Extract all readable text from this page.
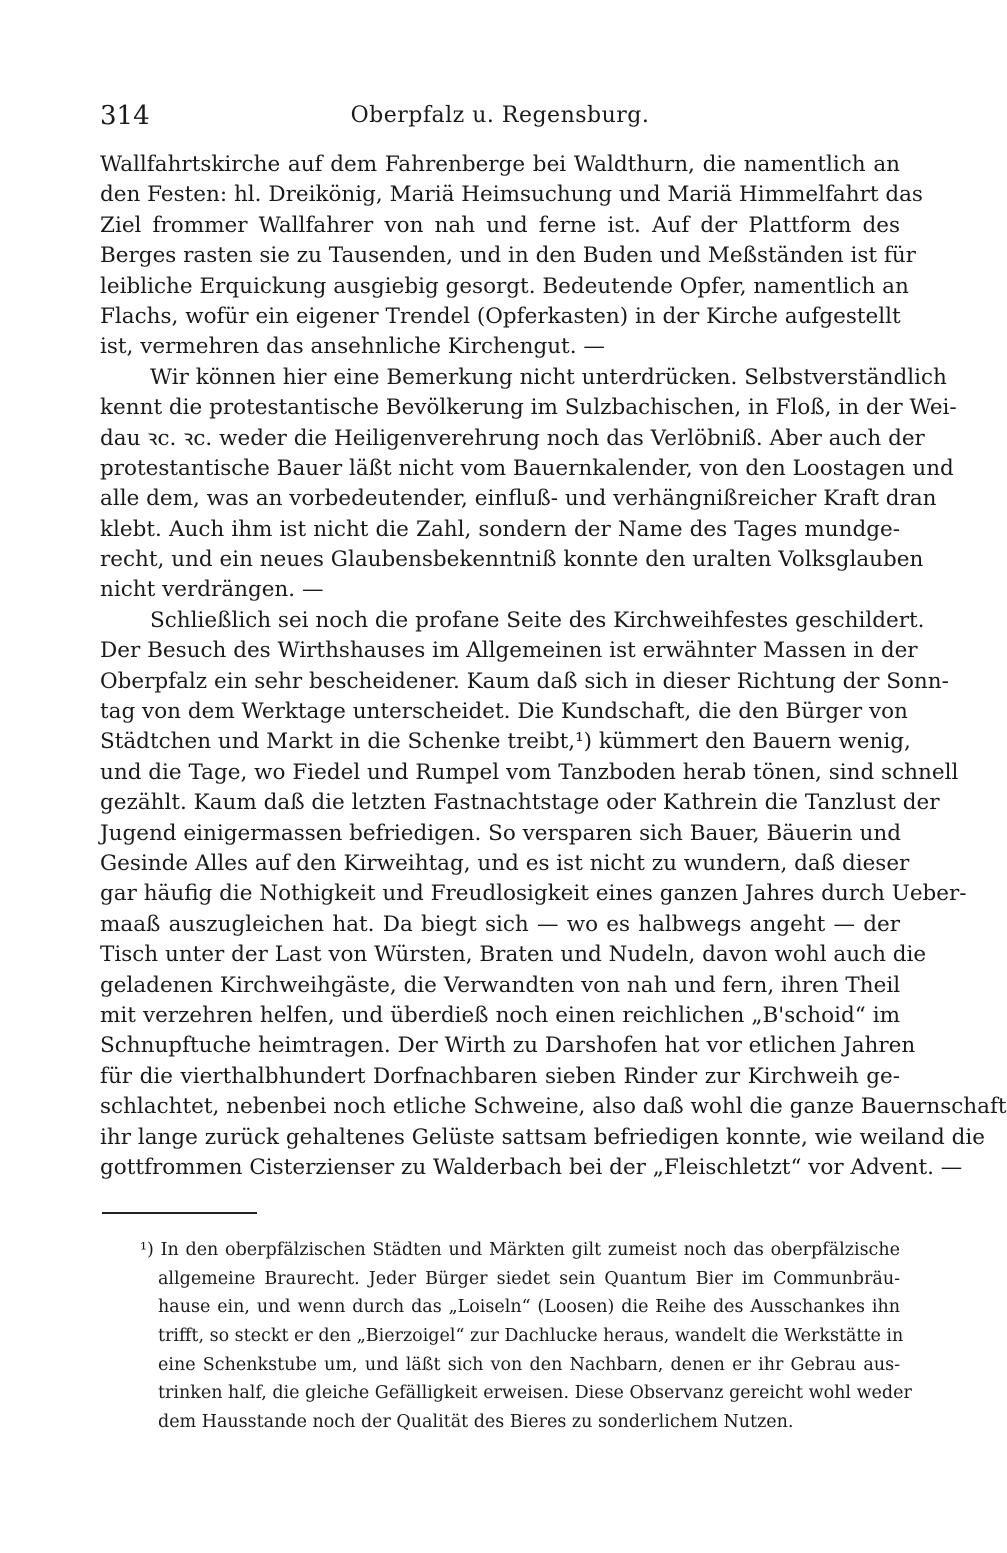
314	Oberpfalz u. Regensburg.
Wallfahrtskirche auf dem Fahrenberge bei Waldthurn, die namentlich an
den Festen: hl. Dreikönig, Mariä Heimsuchung und Mariä Himmelfahrt das
Ziel frommer Wallfahrer von nah und ferne ist. Auf der Plattform des
Berges rasten sie zu Tausenden, und in den Buden und Meßständen ist für
leibliche Erquickung ausgiebig gesorgt. Bedeutende Opfer, namentlich an
Flachs, wofür ein eigener Trendel (Opferkasten) in der Kirche aufgestellt
ist, vermehren das ansehnliche Kirchengut. —
Wir können hier eine Bemerkung nicht unterdrücken. Selbstverständlich
kennt die protestantische Bevölkerung im Sulzbachischen, in Floß, in der Wei-
dau ꝛc. ꝛc. weder die Heiligenverehrung noch das Verlöbniß. Aber auch der
protestantische Bauer läßt nicht vom Bauernkalender, von den Loostagen und
alle dem, was an vorbedeutender, einfluß- und verhängnißreicher Kraft dran
klebt. Auch ihm ist nicht die Zahl, sondern der Name des Tages mundge-
recht, und ein neues Glaubensbekenntniß konnte den uralten Volksglauben
nicht verdrängen. —
Schließlich sei noch die profane Seite des Kirchweihfestes geschildert.
Der Besuch des Wirthshauses im Allgemeinen ist erwähnter Massen in der
Oberpfalz ein sehr bescheidener. Kaum daß sich in dieser Richtung der Sonn-
tag von dem Werktage unterscheidet. Die Kundschaft, die den Bürger von
Städtchen und Markt in die Schenke treibt,¹) kümmert den Bauern wenig,
und die Tage, wo Fiedel und Rumpel vom Tanzboden herab tönen, sind schnell
gezählt. Kaum daß die letzten Fastnachtstage oder Kathrein die Tanzlust der
Jugend einigermassen befriedigen. So versparen sich Bauer, Bäuerin und
Gesinde Alles auf den Kirweihtag, und es ist nicht zu wundern, daß dieser
gar häufig die Nothigkeit und Freudlosigkeit eines ganzen Jahres durch Ueber-
maaß auszugleichen hat. Da biegt sich — wo es halbwegs angeht — der
Tisch unter der Last von Würsten, Braten und Nudeln, davon wohl auch die
geladenen Kirchweihgäste, die Verwandten von nah und fern, ihren Theil
mit verzehren helfen, und überdieß noch einen reichlichen „B'schoid“ im
Schnupftuche heimtragen. Der Wirth zu Darshofen hat vor etlichen Jahren
für die vierthalbhundert Dorfnachbaren sieben Rinder zur Kirchweih ge-
schlachtet, nebenbei noch etliche Schweine, also daß wohl die ganze Bauernschaft
ihr lange zurück gehaltenes Gelüste sattsam befriedigen konnte, wie weiland die
gottfrommen Cisterzienser zu Walderbach bei der „Fleischletzt“ vor Advent. —
¹) In den oberpfälzischen Städten und Märkten gilt zumeist noch das oberpfälzische
allgemeine Braurecht. Jeder Bürger siedet sein Quantum Bier im Communbräu-
hause ein, und wenn durch das „Loiseln“ (Loosen) die Reihe des Ausschankes ihn
trifft, so steckt er den „Bierzoigel“ zur Dachlucke heraus, wandelt die Werkstätte in
eine Schenkstube um, und läßt sich von den Nachbarn, denen er ihr Gebrau aus-
trinken half, die gleiche Gefälligkeit erweisen. Diese Observanz gereicht wohl weder
dem Hausstande noch der Qualität des Bieres zu sonderlichem Nutzen.
